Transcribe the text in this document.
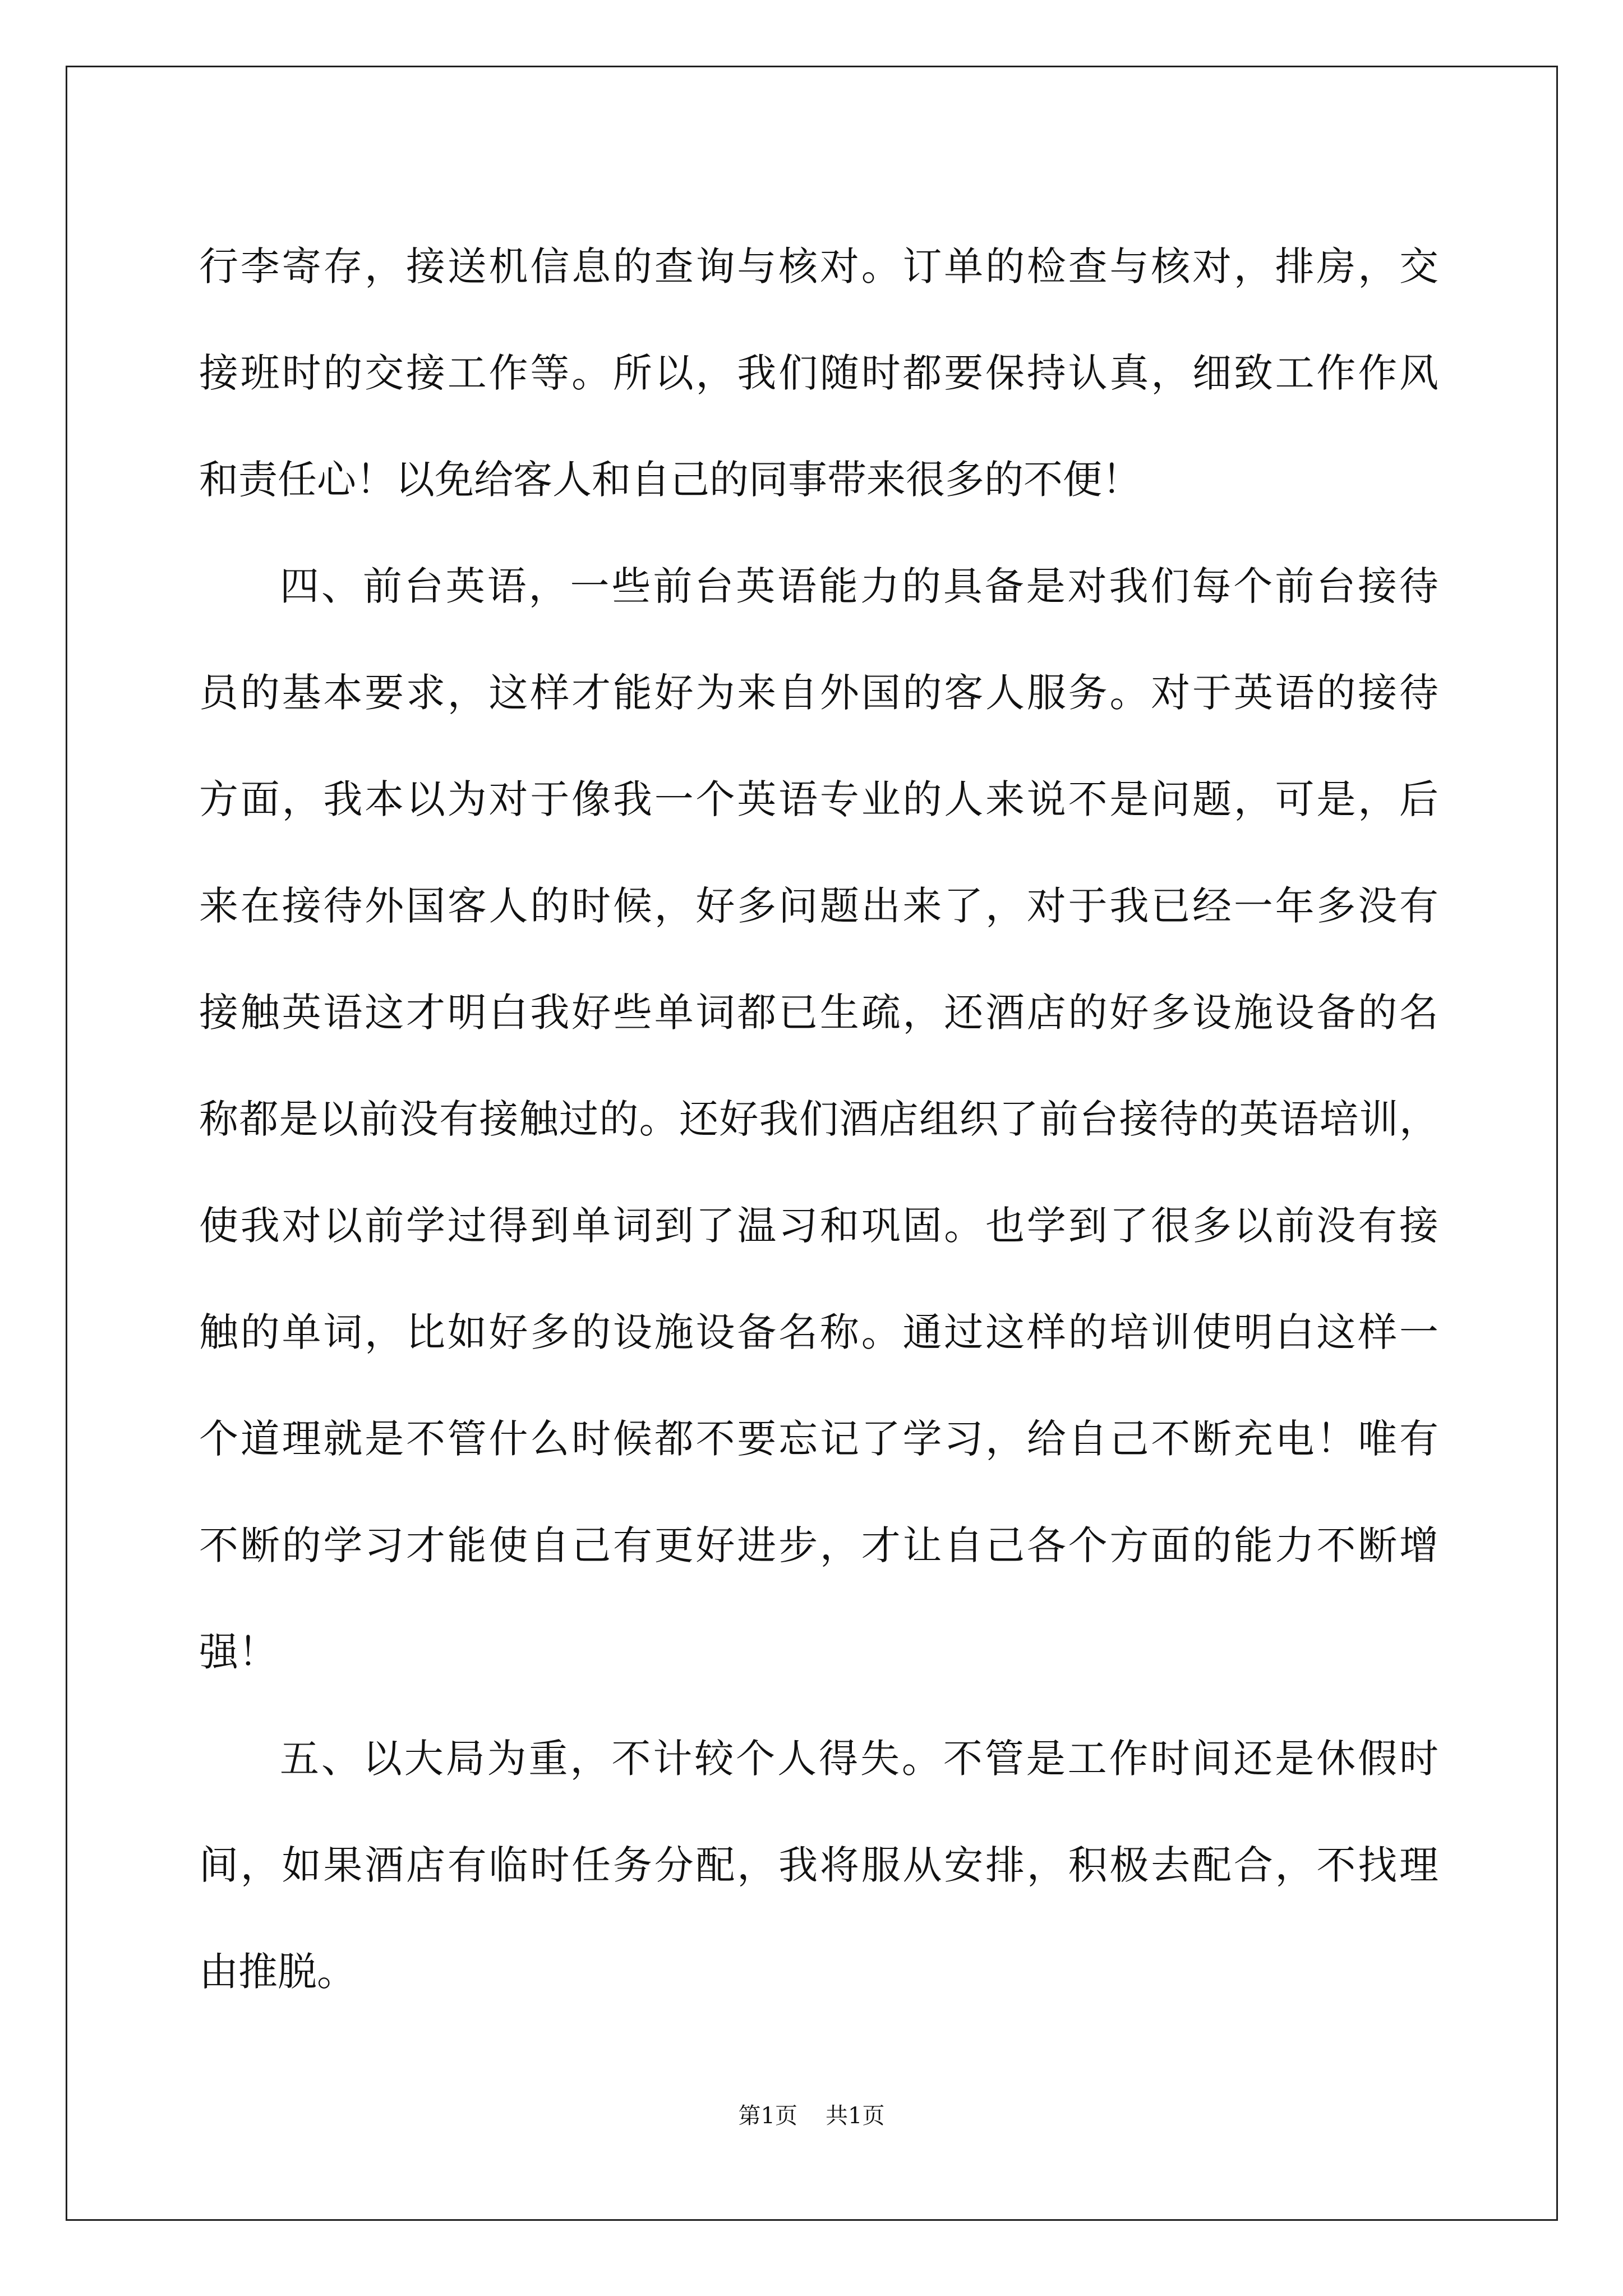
行李寄存，接送机信息的查询与核对。订单的检查与核对，排房，交
接班时的交接工作等。所以，我们随时都要保持认真，细致工作作风
和责任心！以免给客人和自己的同事带来很多的不便！
四、前台英语，一些前台英语能力的具备是对我们每个前台接待
员的基本要求，这样才能好为来自外国的客人服务。对于英语的接待
方面，我本以为对于像我一个英语专业的人来说不是问题，可是，后
来在接待外国客人的时候，好多问题出来了，对于我已经一年多没有
接触英语这才明白我好些单词都已生疏，还酒店的好多设施设备的名
称都是以前没有接触过的。还好我们酒店组织了前台接待的英语培训，
使我对以前学过得到单词到了温习和巩固。也学到了很多以前没有接
触的单词，比如好多的设施设备名称。通过这样的培训使明白这样一
个道理就是不管什么时候都不要忘记了学习，给自己不断充电！唯有
不断的学习才能使自己有更好进步，才让自己各个方面的能力不断增
强！
五、以大局为重，不计较个人得失。不管是工作时间还是休假时
间，如果酒店有临时任务分配，我将服从安排，积极去配合，不找理
由推脱。
第1页 共1页
